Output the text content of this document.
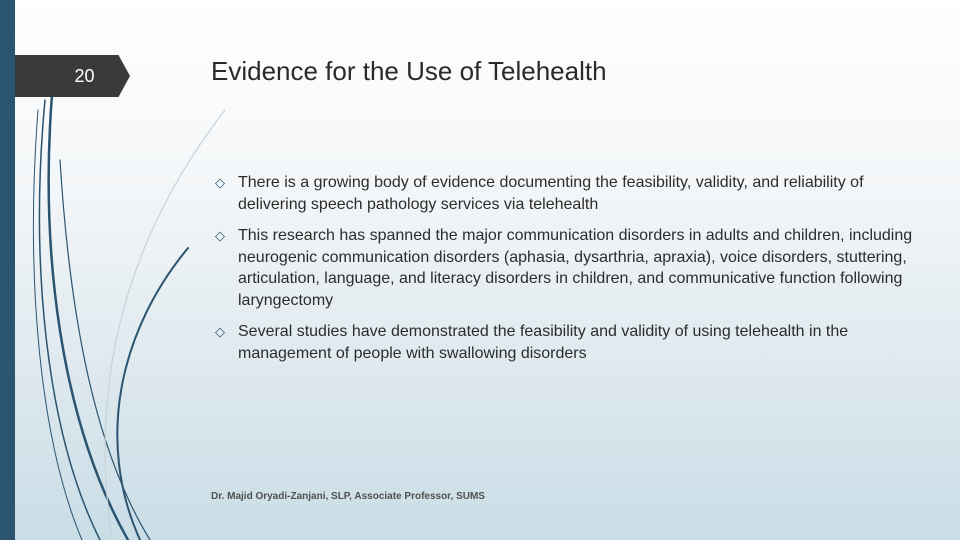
20	Evidence for the Use of Telehealth
◇ There is a growing body of evidence documenting the feasibility, validity, and reliability of delivering speech pathology services via telehealth
◇ This research has spanned the major communication disorders in adults and children, including neurogenic communication disorders (aphasia, dysarthria, apraxia), voice disorders, stuttering, articulation, language, and literacy disorders in children, and communicative function following laryngectomy
◇ Several studies have demonstrated the feasibility and validity of using telehealth in the management of people with swallowing disorders
Dr. Majid Oryadi-Zanjani, SLP, Associate Professor, SUMS
